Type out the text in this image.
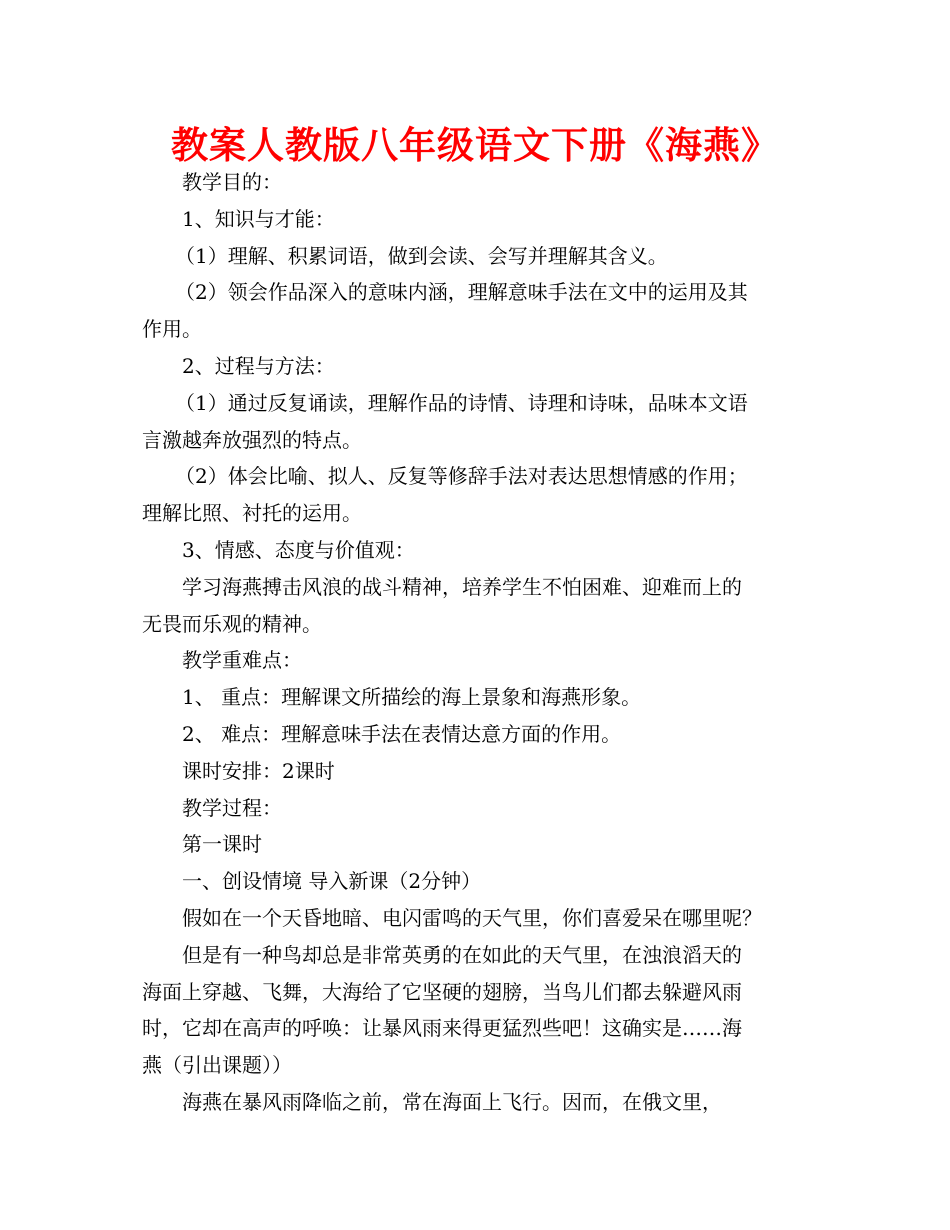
教案人教版八年级语文下册《海燕》

教学目的：

1、知识与才能：

（1）理解、积累词语，做到会读、会写并理解其含义。

（2）领会作品深入的意味内涵，理解意味手法在文中的运用及其

作用。

2、过程与方法：

（1）通过反复诵读，理解作品的诗情、诗理和诗味，品味本文语

言激越奔放强烈的特点。

（2）体会比喻、拟人、反复等修辞手法对表达思想情感的作用；

理解比照、衬托的运用。

3、情感、态度与价值观：

学习海燕搏击风浪的战斗精神，培养学生不怕困难、迎难而上的

无畏而乐观的精神。

教学重难点：

1、 重点：理解课文所描绘的海上景象和海燕形象。

2、 难点：理解意味手法在表情达意方面的作用。

课时安排：2课时

教学过程：

第一课时

一、创设情境 导入新课（2分钟）

假如在一个天昏地暗、电闪雷鸣的天气里，你们喜爱呆在哪里呢？

但是有一种鸟却总是非常英勇的在如此的天气里，在浊浪滔天的

海面上穿越、飞舞，大海给了它坚硬的翅膀，当鸟儿们都去躲避风雨

时，它却在高声的呼唤：让暴风雨来得更猛烈些吧！这确实是……海

燕（引出课题））

海燕在暴风雨降临之前，常在海面上飞行。因而，在俄文里，
